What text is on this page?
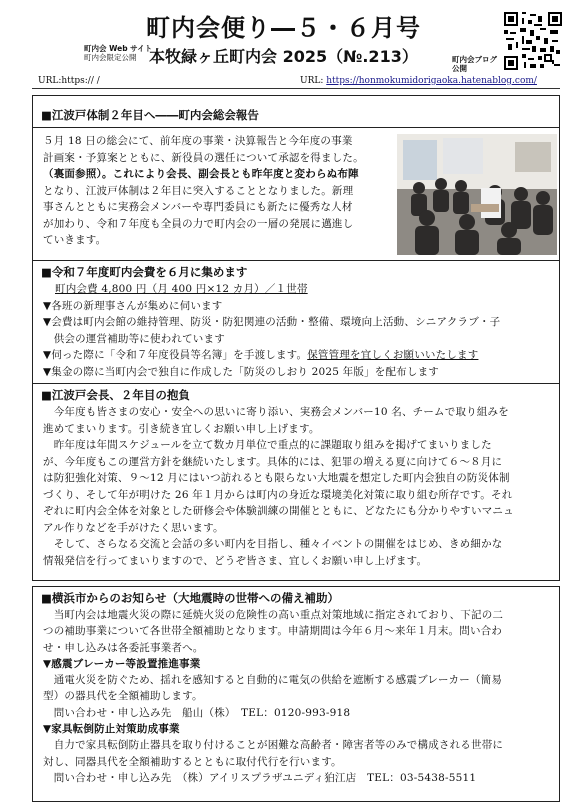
町内会便り―５・６月号
町内会 Web サイト
町内会限定公開 本牧緑ヶ丘町内会 2025（№.213）	町内会ブログ
公開
URL:https:// /	URL: https://honmokumidorigaoka.hatenablog.com/
■江波戸体制２年目へ――町内会総会報告
５月 18 日の総会にて、前年度の事業・決算報告と今年度の事業
計画案・予算案とともに、新役員の選任について承認を得ました。
（裏面参照）。これにより会長、副会長とも昨年度と変わらぬ布陣
となり、江波戸体制は２年目に突入することとなりました。新理
事さんとともに実務会メンバーや専門委員にも新たに優秀な人材
が加わり、令和７年度も全員の力で町内会の一層の発展に邁進し
ていきます。
■令和７年度町内会費を６月に集めます
町内会費 4,800 円（月 400 円×12 カ月）／１世帯
▼各班の新理事さんが集めに伺います
▼会費は町内会館の維持管理、防災・防犯関連の活動・整備、環境向上活動、シニアクラブ・子
　供会の運営補助等に使われています
▼伺った際に「令和７年度役員等名簿」を手渡します。保管管理を宜しくお願いいたします
▼集金の際に当町内会で独自に作成した「防災のしおり 2025 年版」を配布します
■江波戸会長、２年目の抱負
　今年度も皆さまの安心・安全への思いに寄り添い、実務会メンバー10 名、チームで取り組みを
進めてまいります。引き続き宜しくお願い申し上げます。
　昨年度は年間スケジュールを立て数カ月単位で重点的に課題取り組みを掲げてまいりました
が、今年度もこの運営方針を継続いたします。具体的には、犯罪の増える夏に向けて６～８月に
は防犯強化対策、９～12 月にはいつ訪れるとも限らない大地震を想定した町内会独自の防災体制
づくり、そして年が明けた 26 年１月からは町内の身近な環境美化対策に取り組む所存です。それ
ぞれに町内会全体を対象とした研修会や体験訓練の開催とともに、どなたにも分かりやすいマニュ
アル作りなどを手がけたく思います。
　そして、さらなる交流と会話の多い町内を目指し、種々イベントの開催をはじめ、きめ細かな
情報発信を行ってまいりますので、どうぞ皆さま、宜しくお願い申し上げます。
■横浜市からのお知らせ（大地震時の世帯への備え補助）
　当町内会は地震火災の際に延焼火災の危険性の高い重点対策地域に指定されており、下記の二
つの補助事業について各世帯全額補助となります。申請期間は今年６月～来年１月末。問い合わ
せ・申し込みは各委託事業者へ。
▼感震ブレーカー等設置推進事業
　通電火災を防ぐため、揺れを感知すると自動的に電気の供給を遮断する感震ブレーカー（簡易
型）の器具代を全額補助します。
　問い合わせ・申し込み先　船山（株）　TEL：0120-993-918
▼家具転倒防止対策助成事業
　自力で家具転倒防止器具を取り付けることが困難な高齢者・障害者等のみで構成される世帯に
対し、同器具代を全額補助するとともに取付代行を行います。
　問い合わせ・申し込み先　（株）アイリスプラザユニディ狛江店　TEL：03-5438-5511
